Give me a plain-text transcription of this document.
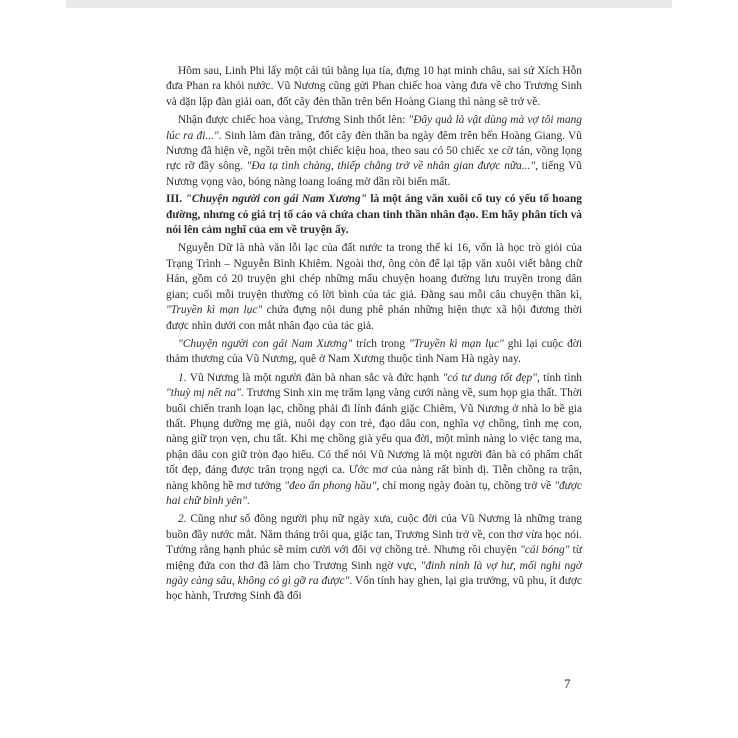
Hôm sau, Linh Phi lấy một cái túi bằng lụa tía, đựng 10 hạt minh châu, sai sứ Xích Hỗn đưa Phan ra khỏi nước. Vũ Nương cũng gửi Phan chiếc hoa vàng đưa về cho Trương Sinh và dặn lập đàn giải oan, đốt cây đèn thần trên bến Hoàng Giang thì nàng sẽ trở về.

Nhận được chiếc hoa vàng, Trương Sinh thốt lên: "Đây quả là vật dùng mà vợ tôi mang lúc ra đi...". Sinh làm đàn tràng, đốt cây đèn thần ba ngày đêm trên bến Hoàng Giang. Vũ Nương đã hiện về, ngồi trên một chiếc kiệu hoa, theo sau có 50 chiếc xe cờ tán, võng lọng rực rỡ đầy sông. "Đa tạ tình chàng, thiếp chẳng trở về nhân gian được nữa...", tiếng Vũ Nương vọng vào, bóng nàng loang loáng mờ dần rồi biến mất.

III. "Chuyện người con gái Nam Xương" là một áng văn xuôi cổ tuy có yếu tố hoang đường, nhưng có giá trị tố cáo và chứa chan tinh thần nhân đạo. Em hãy phân tích và nói lên cảm nghĩ của em về truyện ấy.

Nguyễn Dữ là nhà văn lỗi lạc của đất nước ta trong thế kỉ 16, vốn là học trò giỏi của Trạng Trình – Nguyễn Bỉnh Khiêm. Ngoài thơ, ông còn để lại tập văn xuôi viết bằng chữ Hán, gồm có 20 truyện ghi chép những mẩu chuyện hoang đường lưu truyền trong dân gian; cuối mỗi truyện thường có lời bình của tác giả. Đằng sau mỗi câu chuyện thần kì, "Truyền kì mạn lục" chứa đựng nội dung phê phán những hiện thực xã hội đương thời được nhìn dưới con mắt nhân đạo của tác giả.

"Chuyện người con gái Nam Xương" trích trong "Truyền kì mạn lục" ghi lại cuộc đời thảm thương của Vũ Nương, quê ở Nam Xương thuộc tỉnh Nam Hà ngày nay.

1. Vũ Nương là một người đàn bà nhan sắc và đức hạnh "có tư dung tốt đẹp", tính tình "thuỳ mị nết na". Trương Sinh xin mẹ trăm lạng vàng cưới nàng về, sum họp gia thất. Thời buổi chiến tranh loạn lạc, chồng phải đi lính đánh giặc Chiêm, Vũ Nương ở nhà lo bề gia thất. Phụng dưỡng mẹ già, nuôi dạy con trẻ, đạo dâu con, nghĩa vợ chồng, tình mẹ con, nàng giữ trọn vẹn, chu tất. Khi mẹ chồng già yếu qua đời, một mình nàng lo việc tang ma, phận dâu con giữ tròn đạo hiếu. Có thể nói Vũ Nương là một người đàn bà có phẩm chất tốt đẹp, đáng được trân trọng ngợi ca. Ước mơ của nàng rất bình dị. Tiễn chồng ra trận, nàng không hề mơ tưởng "đeo ấn phong hầu", chỉ mong ngày đoàn tụ, chồng trở về "được hai chữ bình yên".

2. Cũng như số đông người phụ nữ ngày xưa, cuộc đời của Vũ Nương là những trang buồn đầy nước mắt. Năm tháng trôi qua, giặc tan, Trương Sinh trở về, con thơ vừa học nói. Tưởng rằng hạnh phúc sẽ mỉm cười với đôi vợ chồng trẻ. Nhưng rồi chuyện "cái bóng" từ miệng đứa con thơ đã làm cho Trương Sinh ngờ vực, "đinh ninh là vợ hư, mối nghi ngờ ngày càng sâu, không có gì gỡ ra được". Vốn tính hay ghen, lại gia trưởng, vũ phu, ít được học hành, Trương Sinh đã đối

7
